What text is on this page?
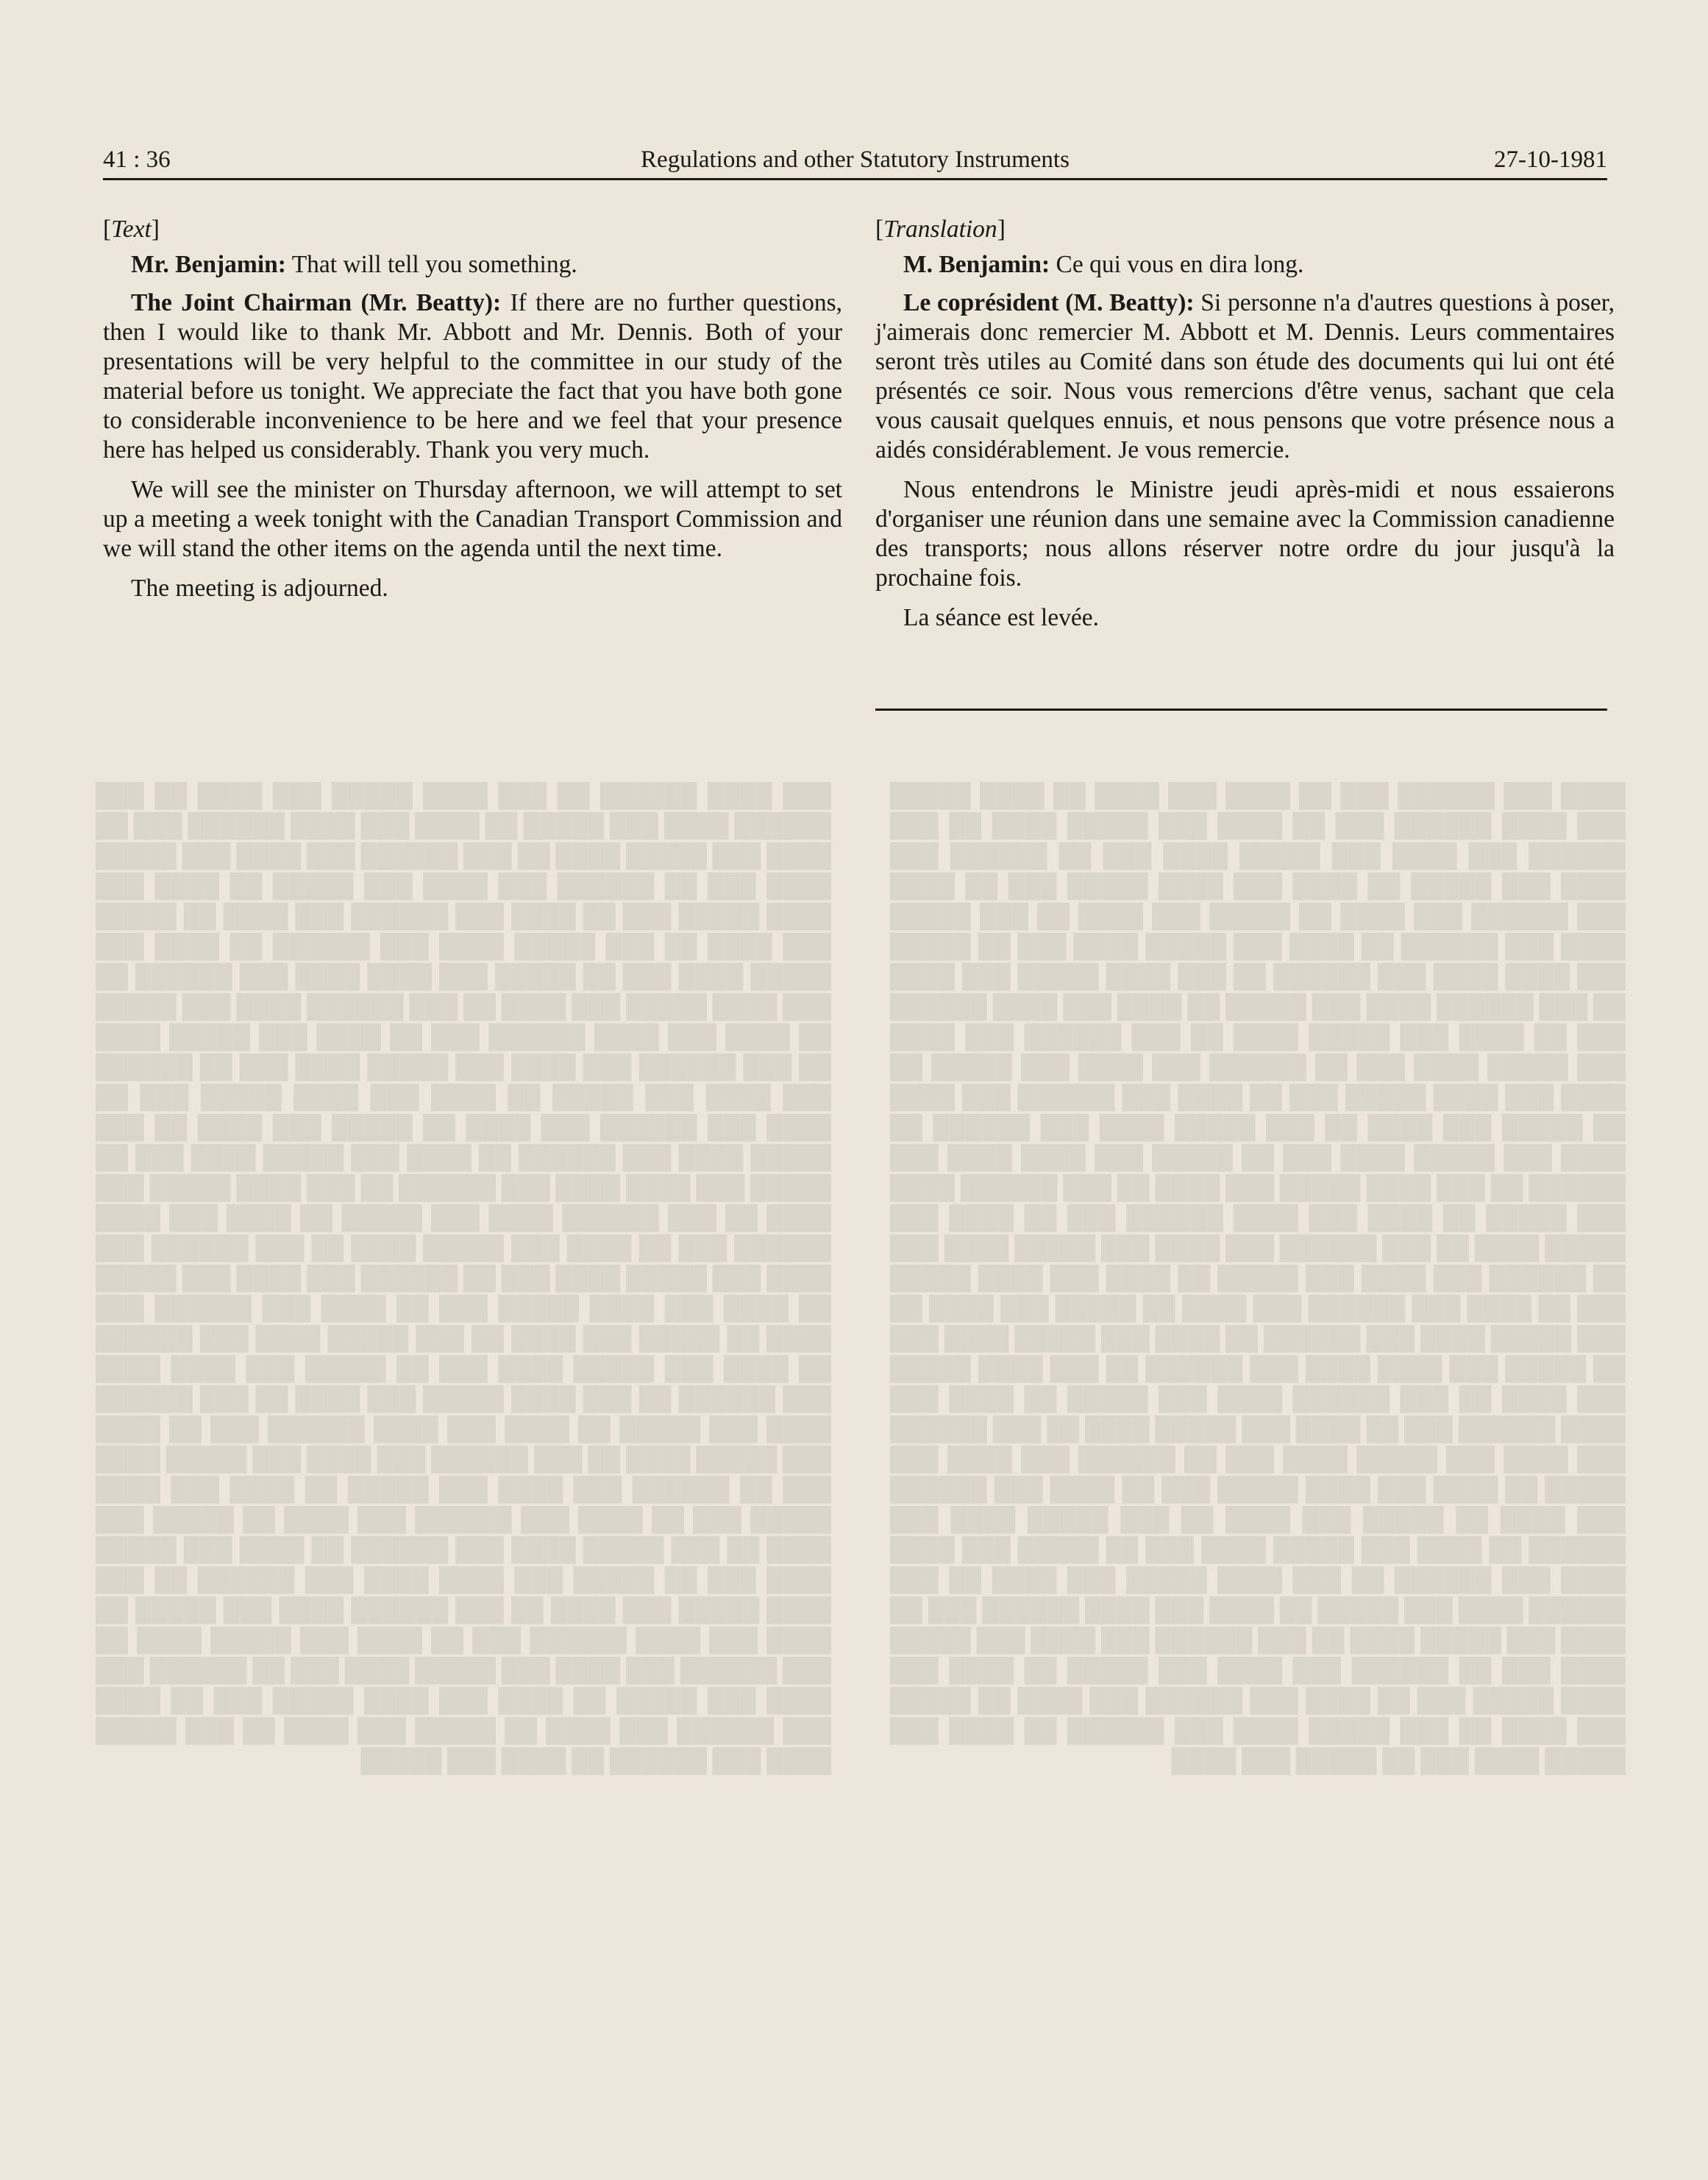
████ ███ ██████ ███ ██ ████ ███ ████ ██ ████ █████ ███ ████ ██████ ███ ██ ████ ███ █████ ████ ██ ███ ██████ ███ ████ ███ █████ ████ ███ ██ ██████ ███ ████ ███ █████ ██ ████ ███ ████ █████ ███ ██ ████ ███ ██████ ███ ████ ██ █████ ███ ████ ██ ███ █████ ████ ███ ██████ ██ ████ ███ █████ ████ ███ ██ █████ ███ ████ ████ ███ ██████ ██ ███ ████ █████ ███ ████ ██ ███ ██████ ████ ███ █████ ██ ████ ███ ████ ██████ ███ ██ ████ ███ █████ ████ ██ ███ ██████ ███ ████ ███ █████ ████ ███ ██ ██████ ███ ████ ███ █████ ██ ████ ███ ████ █████ ███ ██ ████ ███ ██████ ███ ████ ██ █████ ███ ████ ██ ███ █████ ████ ███ ██████ ██ ████ ███ █████ ████ ███ ██ █████ ███ ████ ████ ███ ██████ ██ ███ ████ █████ ███ ████ ██ ███ ██████ ████ ███ █████ ██ ████ ███ ████ ██████ ███ ██ ████ ███ █████ ████ ██ ███ ██████ ███ ████ ███ █████ ████ ███ ██ ██████ ███ ████ ███ █████ ██ ████ ███ ████ █████ ███ ██ ████ ███ ██████ ███ ████ ██ █████ ███ ████ ██ ███ █████ ████ ███ ██████ ██ ████ ███ █████ ████ ███ ██ █████ ███ ████ ████ ███ ██████ ██ ███ ████ █████ ███ ████ ██ ███ ██████ ████ ███ █████ ██ ████ ███ ████ ██████ ███ ██ ████ ███ █████ ████ ██ ███ ██████ ███ ████ ███ █████ ████ ███ ██ ██████ ███ ████ ███ █████ ██ ████ ███ ████ █████ ███ ██ ████ ███ ██████ ███ ████ ██ █████ ███ ████ ██ ███ █████ ████ ███ ██████ ██ ████ ███ █████ ████ ███ ██ █████ ███ ████ ████ ███ ██████ ██ ███ ████ █████ ███ ████ ██ ███ ██████ ████ ███ █████ ██ ████ ███ ████ ██████ ███ ██ ████ ███ █████ ████ ██ ███ ██████ ███ ████ ███ █████ ████ ███ ██ ██████ ███ ████ ███ █████ ██ ████ ███ ████ █████ ███ ██ ████ ███ ██████ ███ ████ ██ █████ ███ ████ ██ ███ █████ ████ ███ ██████ ██ ████ ███ █████ ████ ███ ██ █████ ███ ████
███ ████ ██████ ██ ███ ████ █████ ███ ████ ██ ███ ██████ ████ ███ █████ ██ ████ ███ ████ ██████ ███ ██ ████ ███ █████ ████ ██ ███ ██████ ███ ████ ███ █████ ████ ███ ██ ██████ ███ ████ ███ █████ ██ ████ ███ ████ █████ ███ ██ ████ ███ ██████ ███ ████ ██ █████ ███ ████ ██ ███ █████ ████ ███ ██████ ██ ████ ███ █████ ████ ███ ██ █████ ███ ████ ████ ███ ██████ ██ ███ ████ █████ ███ ████ ██ ███ ██████ ████ ███ █████ ██ ████ ███ ████ ██████ ███ ██ ████ ███ █████ ████ ██ ███ ██████ ███ ████ ███ █████ ████ ███ ██ ██████ ███ ████ ███ █████ ██ ████ ███ ████ █████ ███ ██ ████ ███ ██████ ███ ████ ██ █████ ███ ████ ██ ███ █████ ████ ███ ██████ ██ ████ ███ █████ ████ ███ ██ █████ ███ ████ ████ ███ ██████ ██ ███ ████ █████ ███ ████ ██ ███ ██████ ████ ███ █████ ██ ████ ███ ████ ██████ ███ ██ ████ ███ █████ ████ ██ ███ ██████ ███ ████ ███ █████ ████ ███ ██ ██████ ███ ████ ███ █████ ██ ████ ███ ████ █████ ███ ██ ████ ███ ██████ ███ ████ ██ █████ ███ ████ ██ ███ █████ ████ ███ ██████ ██ ████ ███ █████ ████ ███ ██ █████ ███ ████ ████ ███ ██████ ██ ███ ████ █████ ███ ████ ██ ███ ██████ ████ ███ █████ ██ ████ ███ ████ ██████ ███ ██ ████ ███ █████ ████ ██ ███ ██████ ███ ████ ███ █████ ████ ███ ██ ██████ ███ ████ ███ █████ ██ ████ ███ ████ █████ ███ ██ ████ ███ ██████ ███ ████ ██ █████ ███ ████ ██ ███ █████ ████ ███ ██████ ██ ████ ███ █████ ████ ███ ██ █████ ███ ████ ████ ███ ██████ ██ ███ ████ █████ ███ ████ ██ ███ ██████ ████ ███ █████ ██ ████ ███ ████ ██████ ███ ██ ████ ███ █████ ████ ██ ███ ██████ ███ ████ ███ █████ ████ ███ ██ ██████ ███ ████ ███ █████ ██ ████ ███ ████ █████ ███ ██ ████ ███ ██████ ███ ████ ██ █████ ███ ████ ██ ███ █████ ████ ███ ██████ ██ ████ ███ █████
41 : 36	Regulations and other Statutory Instruments	27-10-1981
[Text]

Mr. Benjamin: That will tell you something.

The Joint Chairman (Mr. Beatty): If there are no further questions, then I would like to thank Mr. Abbott and Mr. Dennis. Both of your presentations will be very helpful to the committee in our study of the material before us tonight. We appreciate the fact that you have both gone to considerable inconvenience to be here and we feel that your presence here has helped us considerably. Thank you very much.

We will see the minister on Thursday afternoon, we will attempt to set up a meeting a week tonight with the Canadian Transport Commission and we will stand the other items on the agenda until the next time.

The meeting is adjourned.

[Translation]

M. Benjamin: Ce qui vous en dira long.

Le coprésident (M. Beatty): Si personne n'a d'autres questions à poser, j'aimerais donc remercier M. Abbott et M. Dennis. Leurs commentaires seront très utiles au Comité dans son étude des documents qui lui ont été présentés ce soir. Nous vous remercions d'être venus, sachant que cela vous causait quelques ennuis, et nous pensons que votre présence nous a aidés considérablement. Je vous remercie.

Nous entendrons le Ministre jeudi après-midi et nous essaierons d'organiser une réunion dans une semaine avec la Commission canadienne des transports; nous allons réserver notre ordre du jour jusqu'à la prochaine fois.

La séance est levée.
